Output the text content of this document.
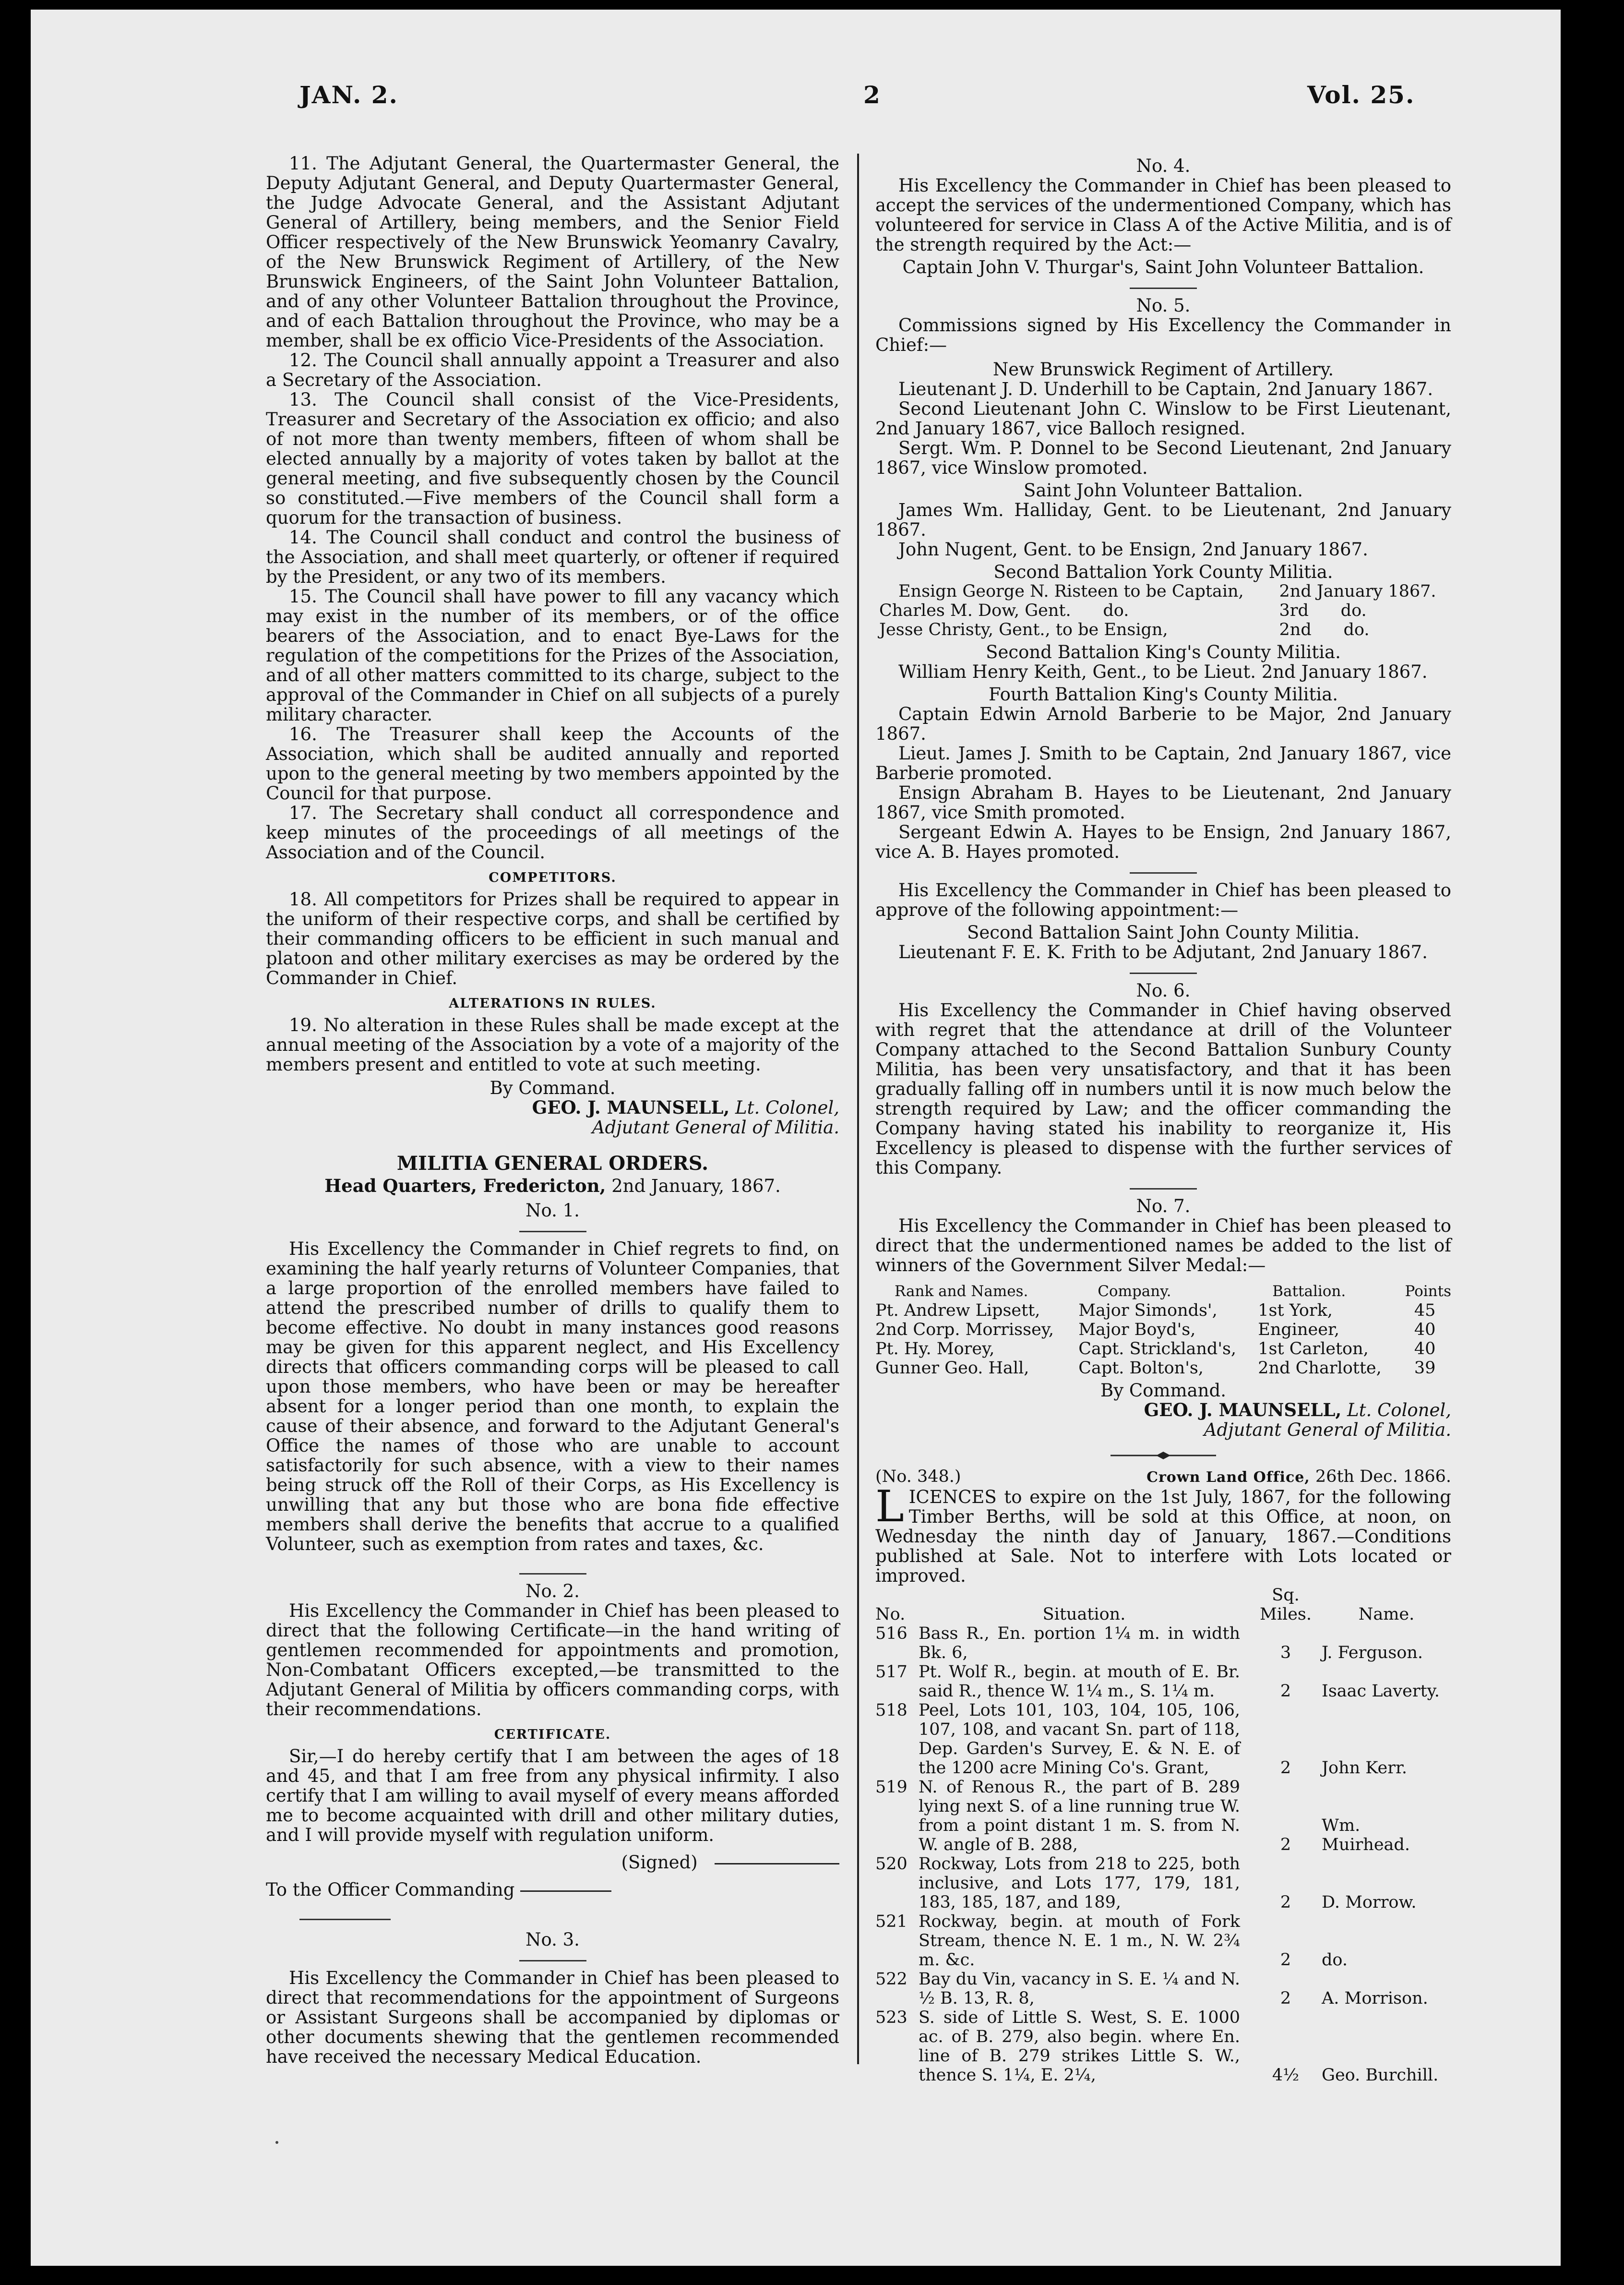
JAN. 2.	2	Vol. 25.

11. The Adjutant General, the Quartermaster General, the Deputy Adjutant General, and Deputy Quartermaster General, the Judge Advocate General, and the Assistant Adjutant General of Artillery, being members, and the Senior Field Officer respectively of the New Brunswick Yeomanry Cavalry, of the New Brunswick Regiment of Artillery, of the New Brunswick Engineers, of the Saint John Volunteer Battalion, and of any other Volunteer Battalion throughout the Province, and of each Battalion throughout the Province, who may be a member, shall be ex officio Vice-Presidents of the Association.

12. The Council shall annually appoint a Treasurer and also a Secretary of the Association.

13. The Council shall consist of the Vice-Presidents, Treasurer and Secretary of the Association ex officio; and also of not more than twenty members, fifteen of whom shall be elected annually by a majority of votes taken by ballot at the general meeting, and five subsequently chosen by the Council so constituted.—Five members of the Council shall form a quorum for the transaction of business.

14. The Council shall conduct and control the business of the Association, and shall meet quarterly, or oftener if required by the President, or any two of its members.

15. The Council shall have power to fill any vacancy which may exist in the number of its members, or of the office bearers of the Association, and to enact Bye-Laws for the regulation of the competitions for the Prizes of the Association, and of all other matters committed to its charge, subject to the approval of the Commander in Chief on all subjects of a purely military character.

16. The Treasurer shall keep the Accounts of the Association, which shall be audited annually and reported upon to the general meeting by two members appointed by the Council for that purpose.

17. The Secretary shall conduct all correspondence and keep minutes of the proceedings of all meetings of the Association and of the Council.

COMPETITORS.

18. All competitors for Prizes shall be required to appear in the uniform of their respective corps, and shall be certified by their commanding officers to be efficient in such manual and platoon and other military exercises as may be ordered by the Commander in Chief.

ALTERATIONS IN RULES.

19. No alteration in these Rules shall be made except at the annual meeting of the Association by a vote of a majority of the members present and entitled to vote at such meeting.

By Command.

GEO. J. MAUNSELL, Lt. Colonel,

Adjutant General of Militia.

MILITIA GENERAL ORDERS.

Head Quarters, Fredericton, 2nd January, 1867.

No. 1.

His Excellency the Commander in Chief regrets to find, on examining the half yearly returns of Volunteer Companies, that a large proportion of the enrolled members have failed to attend the prescribed number of drills to qualify them to become effective. No doubt in many instances good reasons may be given for this apparent neglect, and His Excellency directs that officers commanding corps will be pleased to call upon those members, who have been or may be hereafter absent for a longer period than one month, to explain the cause of their absence, and forward to the Adjutant General's Office the names of those who are unable to account satisfactorily for such absence, with a view to their names being struck off the Roll of their Corps, as His Excellency is unwilling that any but those who are bona fide effective members shall derive the benefits that accrue to a qualified Volunteer, such as exemption from rates and taxes, &c.

No. 2.

His Excellency the Commander in Chief has been pleased to direct that the following Certificate—in the hand writing of gentlemen recommended for appointments and promotion, Non-Combatant Officers excepted,—be transmitted to the Adjutant General of Militia by officers commanding corps, with their recommendations.

CERTIFICATE.

Sir,—I do hereby certify that I am between the ages of 18 and 45, and that I am free from any physical infirmity. I also certify that I am willing to avail myself of every means afforded me to become acquainted with drill and other military duties, and I will provide myself with regulation uniform.

(Signed)

To the Officer Commanding

No. 3.

His Excellency the Commander in Chief has been pleased to direct that recommendations for the appointment of Surgeons or Assistant Surgeons shall be accompanied by diplomas or other documents shewing that the gentlemen recommended have received the necessary Medical Education.

No. 4.

His Excellency the Commander in Chief has been pleased to accept the services of the undermentioned Company, which has volunteered for service in Class A of the Active Militia, and is of the strength required by the Act:—

Captain John V. Thurgar's, Saint John Volunteer Battalion.

No. 5.

Commissions signed by His Excellency the Commander in Chief:—

New Brunswick Regiment of Artillery.

Lieutenant J. D. Underhill to be Captain, 2nd January 1867.

Second Lieutenant John C. Winslow to be First Lieutenant, 2nd January 1867, vice Balloch resigned.

Sergt. Wm. P. Donnel to be Second Lieutenant, 2nd January 1867, vice Winslow promoted.

Saint John Volunteer Battalion.

James Wm. Halliday, Gent. to be Lieutenant, 2nd January 1867.

John Nugent, Gent. to be Ensign, 2nd January 1867.

Second Battalion York County Militia.

Ensign George N. Risteen to be Captain,	2nd January 1867.
Charles M. Dow, Gent.      do.	3rd      do.
Jesse Christy, Gent., to be Ensign,	2nd      do.

Second Battalion King's County Militia.

William Henry Keith, Gent., to be Lieut. 2nd January 1867.

Fourth Battalion King's County Militia.

Captain Edwin Arnold Barberie to be Major, 2nd January 1867.

Lieut. James J. Smith to be Captain, 2nd January 1867, vice Barberie promoted.

Ensign Abraham B. Hayes to be Lieutenant, 2nd January 1867, vice Smith promoted.

Sergeant Edwin A. Hayes to be Ensign, 2nd January 1867, vice A. B. Hayes promoted.

His Excellency the Commander in Chief has been pleased to approve of the following appointment:—

Second Battalion Saint John County Militia.

Lieutenant F. E. K. Frith to be Adjutant, 2nd January 1867.

No. 6.

His Excellency the Commander in Chief having observed with regret that the attendance at drill of the Volunteer Company attached to the Second Battalion Sunbury County Militia, has been very unsatisfactory, and that it has been gradually falling off in numbers until it is now much below the strength required by Law; and the officer commanding the Company having stated his inability to reorganize it, His Excellency is pleased to dispense with the further services of this Company.

No. 7.

His Excellency the Commander in Chief has been pleased to direct that the undermentioned names be added to the list of winners of the Government Silver Medal:—

Rank and Names.	Company.	Battalion.	Points
Pt. Andrew Lipsett,	Major Simonds',	1st York,	45
2nd Corp. Morrissey,	Major Boyd's,	Engineer,	40
Pt. Hy. Morey,	Capt. Strickland's,	1st Carleton,	40
Gunner Geo. Hall,	Capt. Bolton's,	2nd Charlotte,	39

By Command.

GEO. J. MAUNSELL, Lt. Colonel,

Adjutant General of Militia.

(No. 348.)	Crown Land Office, 26th Dec. 1866.

LICENCES to expire on the 1st July, 1867, for the following Timber Berths, will be sold at this Office, at noon, on Wednesday the ninth day of January, 1867.—Conditions published at Sale. Not to interfere with Lots located or improved.

No.	Situation.	Sq. Miles.	Name.
516	Bass R., En. portion 1¼ m. in width Bk. 6,	3	J. Ferguson.
517	Pt. Wolf R., begin. at mouth of E. Br. said R., thence W. 1¼ m., S. 1¼ m.	2	Isaac Laverty.
518	Peel, Lots 101, 103, 104, 105, 106, 107, 108, and vacant Sn. part of 118, Dep. Garden's Survey, E. & N. E. of the 1200 acre Mining Co's. Grant,	2	John Kerr.
519	N. of Renous R., the part of B. 289 lying next S. of a line running true W. from a point distant 1 m. S. from N. W. angle of B. 288,	2	Wm. Muirhead.
520	Rockway, Lots from 218 to 225, both inclusive, and Lots 177, 179, 181, 183, 185, 187, and 189,	2	D. Morrow.
521	Rockway, begin. at mouth of Fork Stream, thence N. E. 1 m., N. W. 2¾ m. &c.	2	do.
522	Bay du Vin, vacancy in S. E. ¼ and N. ½ B. 13, R. 8,	2	A. Morrison.
523	S. side of Little S. West, S. E. 1000 ac. of B. 279, also begin. where En. line of B. 279 strikes Little S. W., thence S. 1¼, E. 2¼,	4½	Geo. Burchill.
